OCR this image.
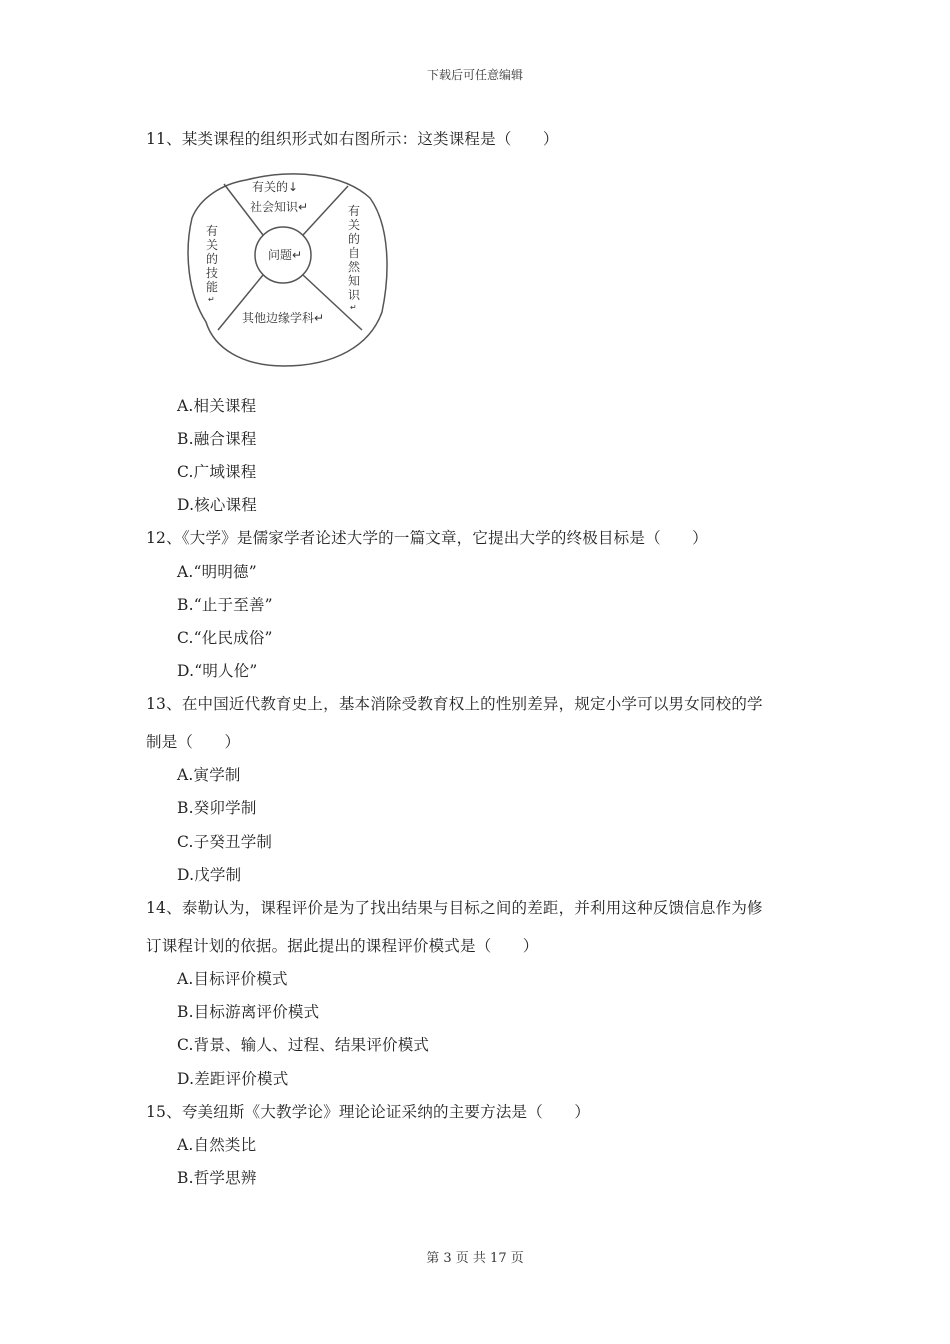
下载后可任意编辑
11、某类课程的组织形式如右图所示：这类课程是（　　）
问题↵
有关的↓
社会知识↵	有
关
的
自
然
知
识
↵
有
关
的
技
能
↵
其他边缘学科↵
A.相关课程
B.融合课程
C.广域课程
D.核心课程
12、《大学》是儒家学者论述大学的一篇文章，它提出大学的终极目标是（　　）
A.“明明德”
B.“止于至善”
C.“化民成俗”
D.“明人伦”
13、在中国近代教育史上，基本消除受教育权上的性别差异，规定小学可以男女同校的学
制是（　　）
A.寅学制
B.癸卯学制
C.子癸丑学制
D.戊学制
14、泰勒认为，课程评价是为了找出结果与目标之间的差距，并利用这种反馈信息作为修
订课程计划的依据。据此提出的课程评价模式是（　　）
A.目标评价模式
B.目标游离评价模式
C.背景、输人、过程、结果评价模式
D.差距评价模式
15、夸美纽斯《大教学论》理论论证采纳的主要方法是（　　）
A.自然类比
B.哲学思辨
第 3 页 共 17 页
